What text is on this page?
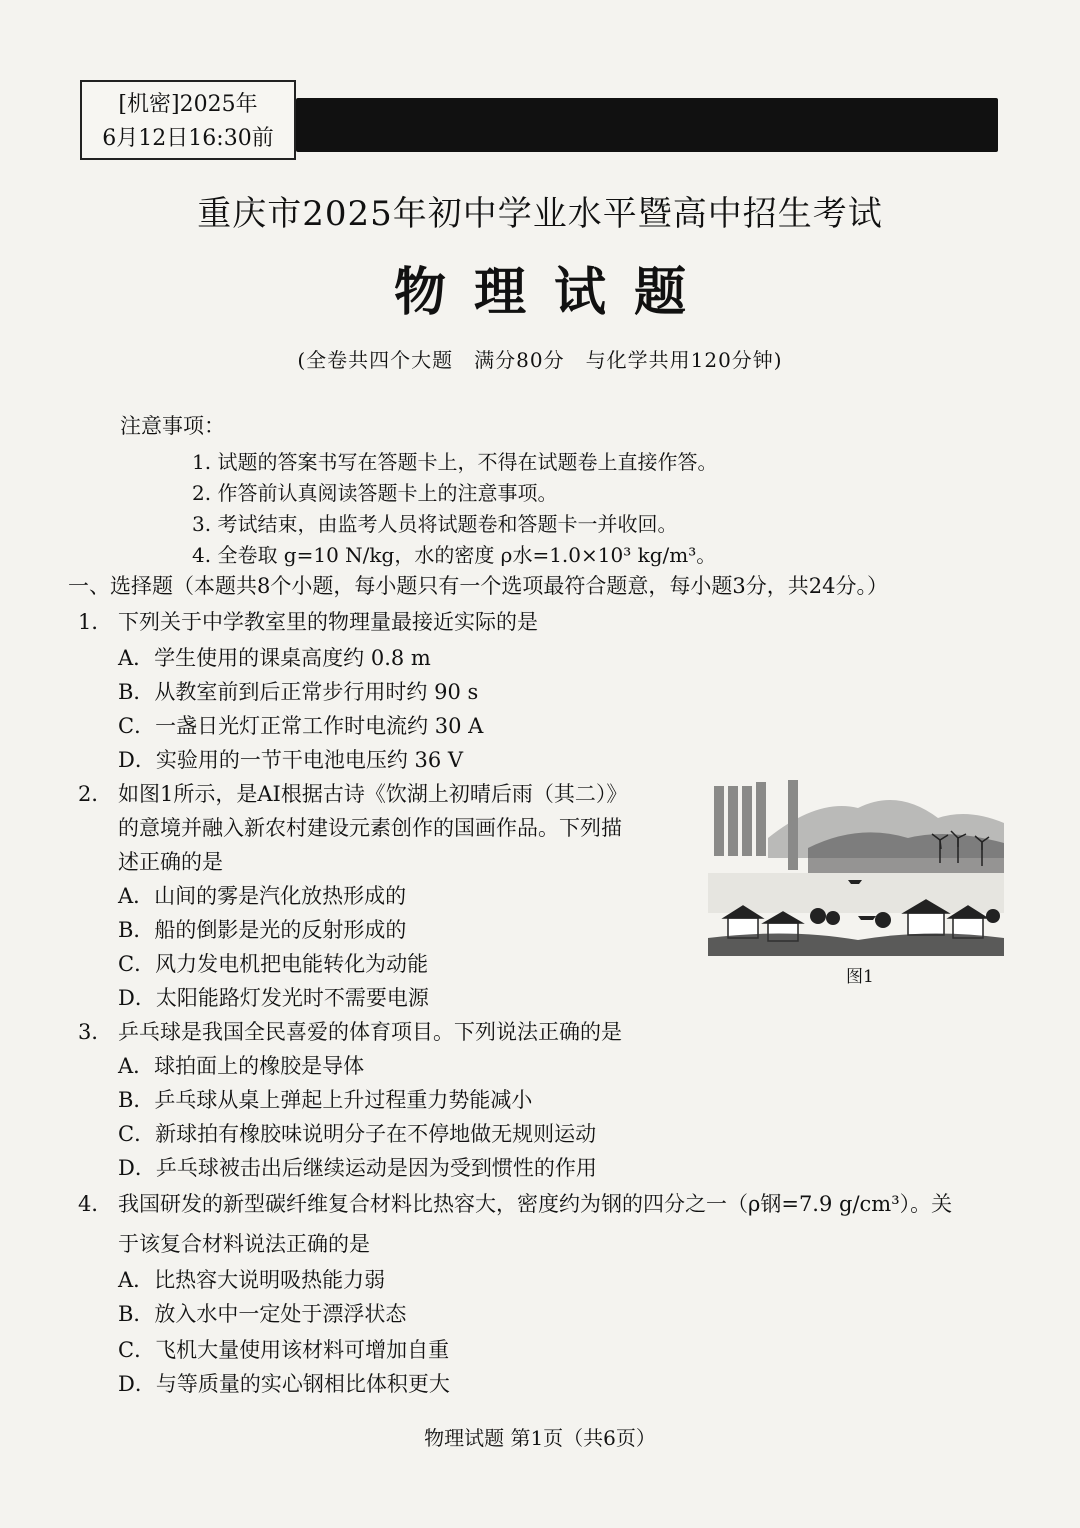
[机密]2025年
6月12日16:30前
重庆市2025年初中学业水平暨高中招生考试
物理试题
(全卷共四个大题　满分80分　与化学共用120分钟)
注意事项：
1. 试题的答案书写在答题卡上，不得在试题卷上直接作答。
2. 作答前认真阅读答题卡上的注意事项。
3. 考试结束，由监考人员将试题卷和答题卡一并收回。
4. 全卷取 g=10 N/kg，水的密度 ρ水=1.0×10³ kg/m³。
一、选择题（本题共8个小题，每小题只有一个选项最符合题意，每小题3分，共24分。）
1． 下列关于中学教室里的物理量最接近实际的是
A．学生使用的课桌高度约 0.8 m
B．从教室前到后正常步行用时约 90 s
C．一盏日光灯正常工作时电流约 30 A
D．实验用的一节干电池电压约 36 V
2． 如图1所示，是AI根据古诗《饮湖上初晴后雨（其二）》
的意境并融入新农村建设元素创作的国画作品。下列描
述正确的是
A．山间的雾是汽化放热形成的
B．船的倒影是光的反射形成的
C．风力发电机把电能转化为动能
D．太阳能路灯发光时不需要电源
图1
3． 乒乓球是我国全民喜爱的体育项目。下列说法正确的是
A．球拍面上的橡胶是导体
B．乒乓球从桌上弹起上升过程重力势能减小
C．新球拍有橡胶味说明分子在不停地做无规则运动
D．乒乓球被击出后继续运动是因为受到惯性的作用
4． 我国研发的新型碳纤维复合材料比热容大，密度约为钢的四分之一（ρ钢=7.9 g/cm³）。关
于该复合材料说法正确的是
A．比热容大说明吸热能力弱
B．放入水中一定处于漂浮状态
C．飞机大量使用该材料可增加自重
D．与等质量的实心钢相比体积更大
物理试题 第1页（共6页）
